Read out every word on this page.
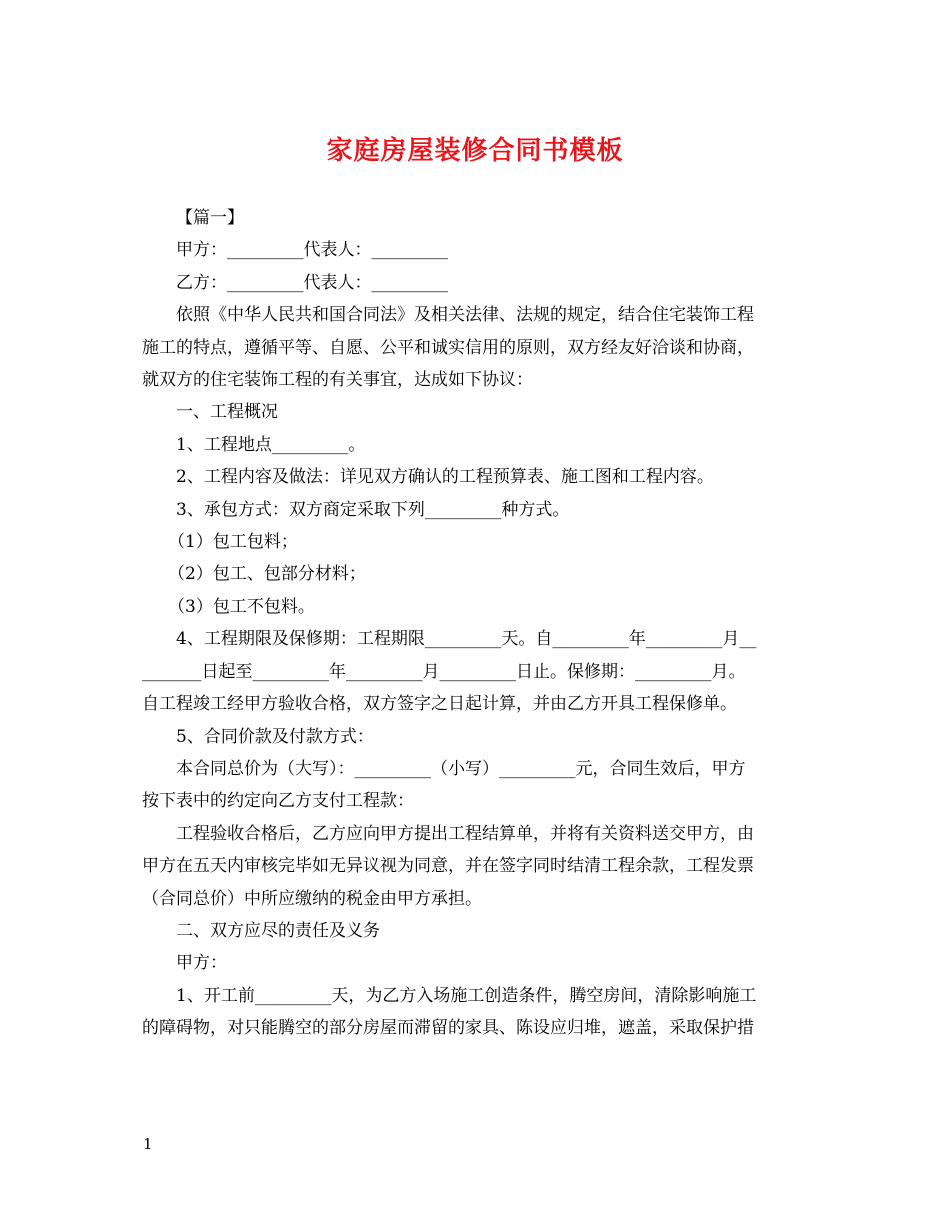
家庭房屋装修合同书模板

【篇一】

甲方：_________代表人：_________

乙方：_________代表人：_________

依照《中华人民共和国合同法》及相关法律、法规的规定，结合住宅装饰工程

施工的特点，遵循平等、自愿、公平和诚实信用的原则，双方经友好洽谈和协商，

就双方的住宅装饰工程的有关事宜，达成如下协议：

一、工程概况

1、工程地点_________。

2、工程内容及做法：详见双方确认的工程预算表、施工图和工程内容。

3、承包方式：双方商定采取下列_________种方式。

（1）包工包料；

（2）包工、包部分材料；

（3）包工不包料。

4、工程期限及保修期：工程期限_________天。自_________年_________月__

_______日起至_________年_________月_________日止。保修期：_________月。

自工程竣工经甲方验收合格，双方签字之日起计算，并由乙方开具工程保修单。

5、合同价款及付款方式：

本合同总价为（大写）：_________（小写）_________元，合同生效后，甲方

按下表中的约定向乙方支付工程款：

工程验收合格后，乙方应向甲方提出工程结算单，并将有关资料送交甲方，由

甲方在五天内审核完毕如无异议视为同意，并在签字同时结清工程余款，工程发票

（合同总价）中所应缴纳的税金由甲方承担。

二、双方应尽的责任及义务

甲方：

1、开工前_________天，为乙方入场施工创造条件，腾空房间，清除影响施工

的障碍物，对只能腾空的部分房屋而滞留的家具、陈设应归堆，遮盖，采取保护措

1
